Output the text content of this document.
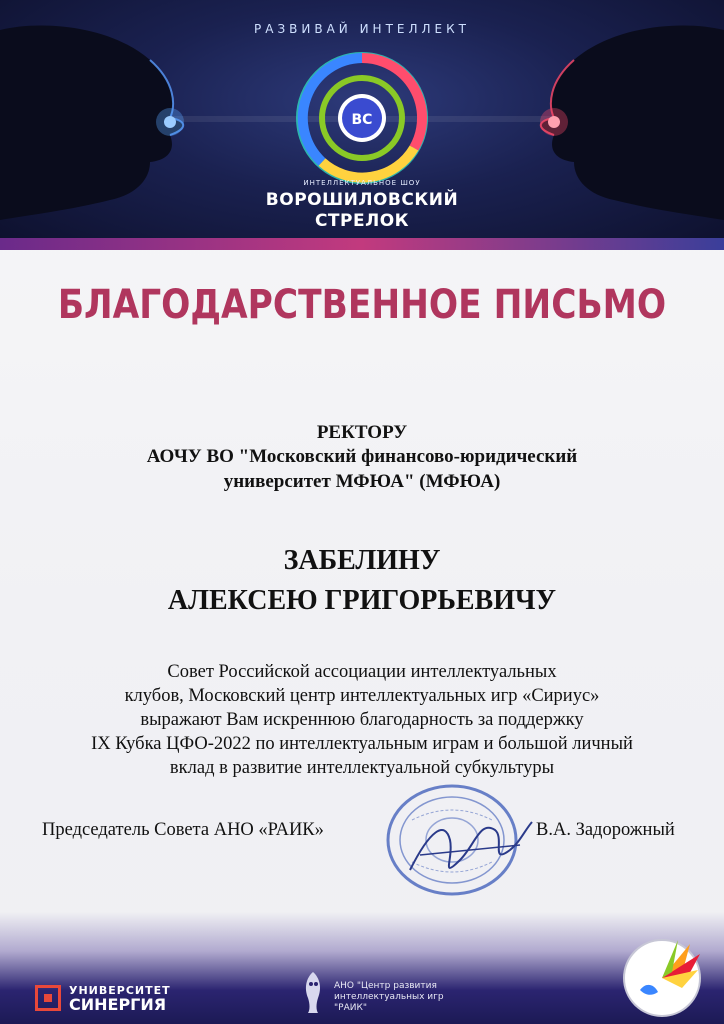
ВС
РАЗВИВАЙ ИНТЕЛЛЕКТ
ИНТЕЛЛЕКТУАЛЬНОЕ ШОУ
ВОРОШИЛОВСКИЙ
СТРЕЛОК
БЛАГОДАРСТВЕННОЕ ПИСЬМО
РЕКТОРУ
АОЧУ ВО "Московский финансово-юридический
университет МФЮА" (МФЮА)
ЗАБЕЛИНУ
АЛЕКСЕЮ ГРИГОРЬЕВИЧУ
Совет Российской ассоциации интеллектуальных
клубов, Московский центр интеллектуальных игр «Сириус»
выражают Вам искреннюю благодарность за поддержку
IX Кубка ЦФО-2022 по интеллектуальным играм и большой личный
вклад в развитие интеллектуальной субкультуры
Председатель Совета АНО «РАИК»	В.А. Задорожный
УНИВЕРСИТЕТ
СИНЕРГИЯ
АНО "Центр развития
интеллектуальных игр
"РАИК"
